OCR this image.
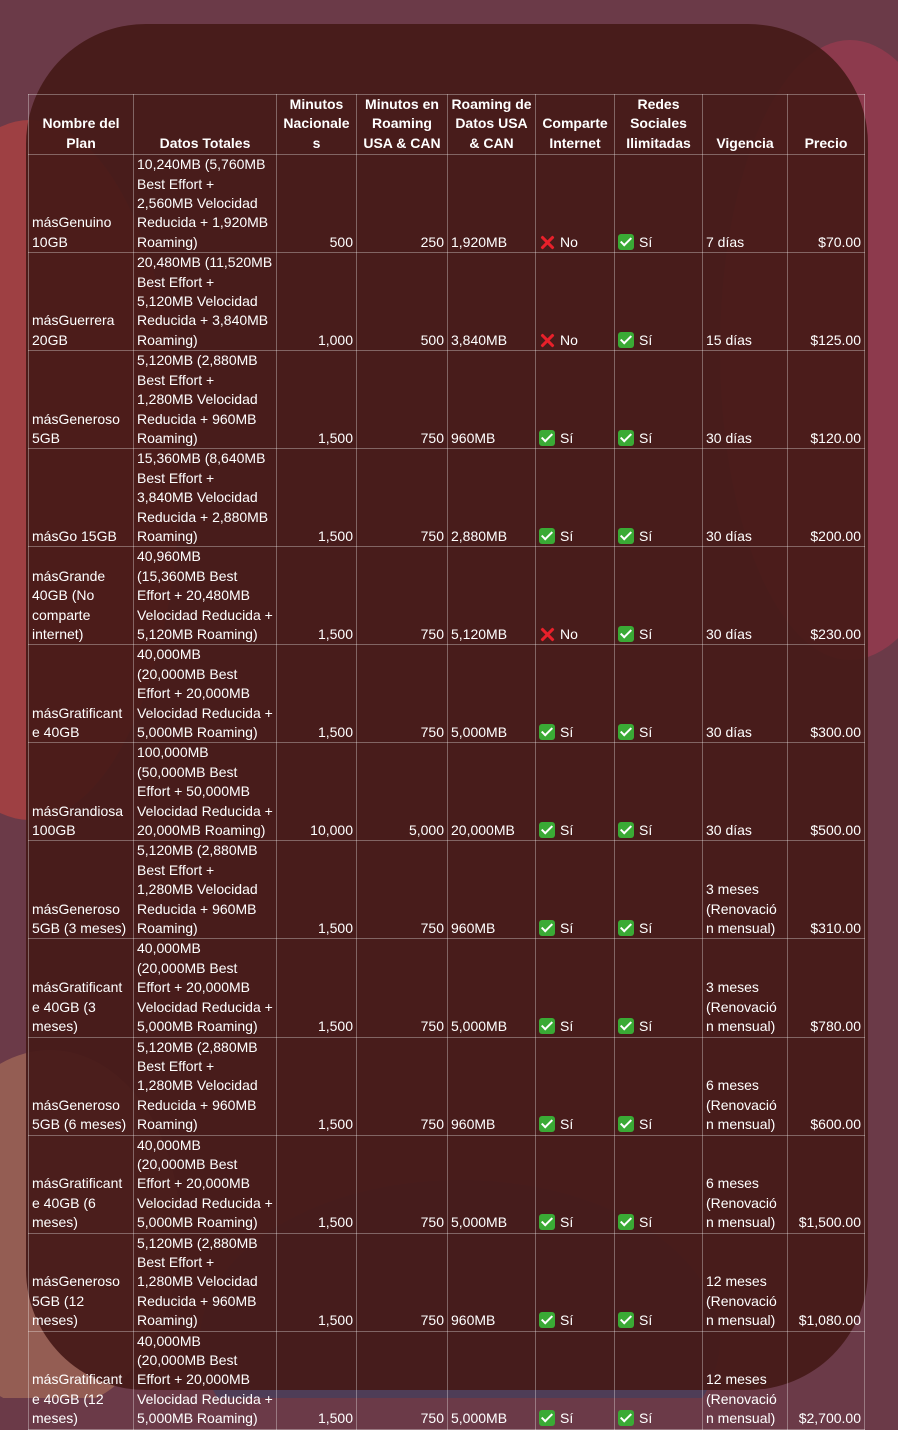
Nombre del Plan	Datos Totales	Minutos Nacionales	Minutos en Roaming USA & CAN	Roaming de Datos USA & CAN	Comparte Internet	Redes Sociales Ilimitadas	Vigencia	Precio
másGenuino 10GB	10,240MB (5,760MB Best Effort + 2,560MB Velocidad Reducida + 1,920MB Roaming)	500	250	1,920MB	No	Sí	7 días	$70.00
másGuerrera 20GB	20,480MB (11,520MB Best Effort + 5,120MB Velocidad Reducida + 3,840MB Roaming)	1,000	500	3,840MB	No	Sí	15 días	$125.00
másGeneroso 5GB	5,120MB (2,880MB Best Effort + 1,280MB Velocidad Reducida + 960MB Roaming)	1,500	750	960MB	Sí	Sí	30 días	$120.00
másGo 15GB	15,360MB (8,640MB Best Effort + 3,840MB Velocidad Reducida + 2,880MB Roaming)	1,500	750	2,880MB	Sí	Sí	30 días	$200.00
másGrande 40GB (No comparte internet)	40,960MB (15,360MB Best Effort + 20,480MB Velocidad Reducida + 5,120MB Roaming)	1,500	750	5,120MB	No	Sí	30 días	$230.00
másGratificante 40GB	40,000MB (20,000MB Best Effort + 20,000MB Velocidad Reducida + 5,000MB Roaming)	1,500	750	5,000MB	Sí	Sí	30 días	$300.00
másGrandiosa 100GB	100,000MB (50,000MB Best Effort + 50,000MB Velocidad Reducida + 20,000MB Roaming)	10,000	5,000	20,000MB	Sí	Sí	30 días	$500.00
másGeneroso 5GB (3 meses)	5,120MB (2,880MB Best Effort + 1,280MB Velocidad Reducida + 960MB Roaming)	1,500	750	960MB	Sí	Sí	3 meses (Renovación mensual)	$310.00
másGratificante 40GB (3 meses)	40,000MB (20,000MB Best Effort + 20,000MB Velocidad Reducida + 5,000MB Roaming)	1,500	750	5,000MB	Sí	Sí	3 meses (Renovación mensual)	$780.00
másGeneroso 5GB (6 meses)	5,120MB (2,880MB Best Effort + 1,280MB Velocidad Reducida + 960MB Roaming)	1,500	750	960MB	Sí	Sí	6 meses (Renovación mensual)	$600.00
másGratificante 40GB (6 meses)	40,000MB (20,000MB Best Effort + 20,000MB Velocidad Reducida + 5,000MB Roaming)	1,500	750	5,000MB	Sí	Sí	6 meses (Renovación mensual)	$1,500.00
másGeneroso 5GB (12 meses)	5,120MB (2,880MB Best Effort + 1,280MB Velocidad Reducida + 960MB Roaming)	1,500	750	960MB	Sí	Sí	12 meses (Renovación mensual)	$1,080.00
másGratificante 40GB (12 meses)	40,000MB (20,000MB Best Effort + 20,000MB Velocidad Reducida + 5,000MB Roaming)	1,500	750	5,000MB	Sí	Sí	12 meses (Renovación mensual)	$2,700.00
